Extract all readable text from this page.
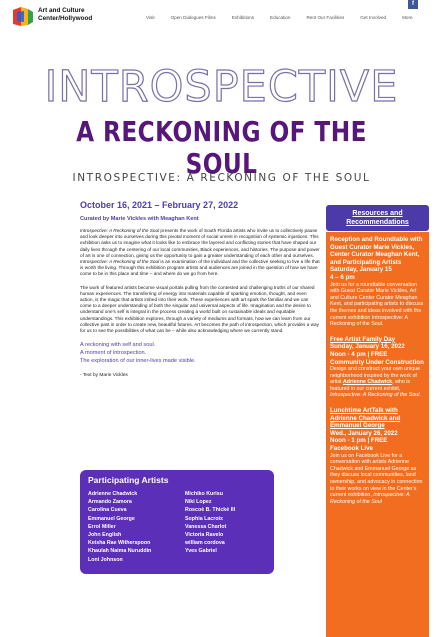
Art and Culture
Center/Hollywood	Visit	Open Dialogues Films	Exhibitions	Education	Rent Our Facilities	Get Involved	More
f
INTROSPECTIVE
A RECKONING OF THE SOUL
INTROSPECTIVE: A RECKONING OF THE SOUL
October 16, 2021 – February 27, 2022
Curated by Marie Vickles with Meaghan Kent

Introspective: A Reckoning of the Soul presents the work of South Florida artists who invite us to collectively pause and look deeper into ourselves during this pivotal moment of social unrest in recognition of systemic injustices. This exhibition asks us to imagine what it looks like to embrace the layered and conflicting stories that have shaped our daily lives through the centering of our local communities, Black experiences, and histories. The purpose and power of art is one of connection, giving us the opportunity to gain a greater understanding of each other and ourselves. Introspective: A Reckoning of the Soul is an examination of the individual and the collective seeking to live a life that is worth the living. Through this exhibition program artists and audiences are joined in the question of how we have come to be in this place and time – and where do we go from here.

The work of featured artists become visual portals pulling from the contested and challenging truths of our shared human experiences. The transferring of energy into materials capable of sparking emotion, thought, and even action, is the magic that artists imbed into their work. These experiences with art spark the familiar and we can come to a deeper understanding of both the singular and universal aspects of life. Imagination and the desire to understand one's self is integral in the process creating a world built on sustainable ideals and equitable understandings. This exhibition explores, through a variety of mediums and formats, how we can learn from our collective past in order to create new, beautiful futures. Art becomes the path of introspection, which provides a way for us to see the possibilities of what can be – while also acknowledging where we currently stand.

A reckoning with self and soul.
A moment of introspection.
The exploration of our inner-lives made visible.
- Text by Marie Vickles
Participating Artists
Adrienne Chadwick
Armando Zamora
Carolina Cueva
Emmanuel George
Errol Miller
John English
Keisha Rae Witherspoon
Khaulah Naima Nuruddin
Loni Johnson
Michiko Kurisu
Niki Lopez
Roscoè B. Thické III
Sophia Lacroix
Vanessa Charlot
Victoria Ravelo
william cordova
Yves Gabriel
Resources and Recommendations
Reception and Roundtable with Guest Curator Marie Vickles, Center Curator Meaghan Kent, and Participating Artists
Saturday, January 15
4 – 6 pm
Join us for a roundtable conversation with Guest Curator Marie Vickles, Art and Culture Center Curator Meaghan Kent, and participating artists to discuss the themes and ideas involved with the current exhibition Introspective: A Reckoning of the Soul.
Free Artist Family Day
Sunday, January 16, 2022
Noon - 4 pm | FREE
Community Under Construction
Design and construct your own unique neighborhood inspired by the work of artist Adrienne Chadwick, who is featured in our current exhibit, Introspective: A Reckoning of the Soul.
Lunchtime ArtTalk with Adrienne Chadwick and Emmanuel George
Wed., January 26, 2022
Noon - 1 pm | FREE
Facebook Live
Join us on Facebook Live for a conversation with artists Adrienne Chadwick and Emmanuel George as they discuss local communities, land ownership, and advocacy in connection to their works on view in the Center's current exhibition, Introspective: A Reckoning of the Soul
